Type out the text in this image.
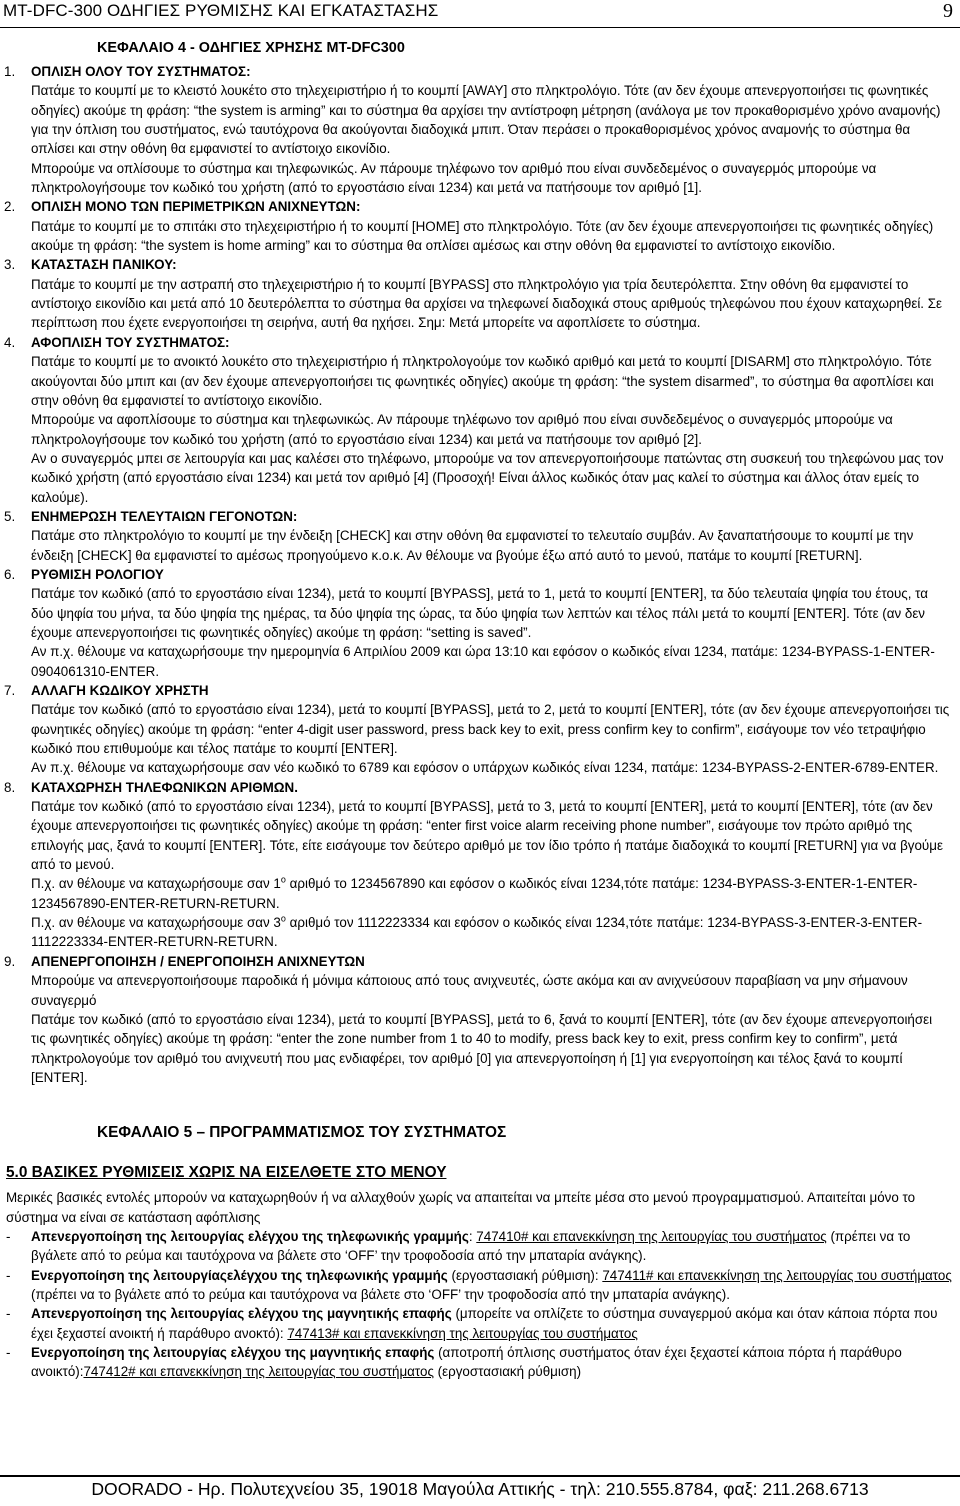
MT-DFC-300 ΟΔΗΓΙΕΣ ΡΥΘΜΙΣΗΣ ΚΑΙ ΕΓΚΑΤΑΣΤΑΣΗΣ	9
ΚΕΦΑΛΑΙΟ 4 - ΟΔΗΓΙΕΣ ΧΡΗΣΗΣ MT-DFC300
1. ΟΠΛΙΣΗ ΟΛΟΥ ΤΟΥ ΣΥΣΤΗΜΑΤΟΣ:
Πατάμε το κουμπί με το κλειστό λουκέτο στο τηλεχειριστήριο ή το κουμπί [AWAY] στο πληκτρολόγιο. Τότε (αν δεν έχουμε απενεργοποιήσει τις φωνητικές οδηγίες) ακούμε τη φράση: “the system is arming” και το σύστημα θα αρχίσει την αντίστροφη μέτρηση (ανάλογα με τον προκαθορισμένο χρόνο αναμονής) για την όπλιση του συστήματος, ενώ ταυτόχρονα θα ακούγονται διαδοχικά μπιπ. Όταν περάσει ο προκαθορισμένος χρόνος αναμονής το σύστημα θα οπλίσει και στην οθόνη θα εμφανιστεί το αντίστοιχο εικονίδιο.
Μπορούμε να οπλίσουμε το σύστημα και τηλεφωνικώς. Αν πάρουμε τηλέφωνο τον αριθμό που είναι συνδεδεμένος ο συναγερμός μπορούμε να πληκτρολογήσουμε τον κωδικό του χρήστη (από το εργοστάσιο είναι 1234) και μετά να πατήσουμε τον αριθμό [1].
2. ΟΠΛΙΣΗ ΜΟΝΟ ΤΩΝ ΠΕΡΙΜΕΤΡΙΚΩΝ ΑΝΙΧΝΕΥΤΩΝ:
Πατάμε το κουμπί με το σπιτάκι στο τηλεχειριστήριο ή το κουμπί [HOME] στο πληκτρολόγιο. Τότε (αν δεν έχουμε απενεργοποιήσει τις φωνητικές οδηγίες) ακούμε τη φράση: “the system is home arming” και το σύστημα θα οπλίσει αμέσως και στην οθόνη θα εμφανιστεί το αντίστοιχο εικονίδιο.
3. ΚΑΤΑΣΤΑΣΗ ΠΑΝΙΚΟΥ:
Πατάμε το κουμπί με την αστραπή στο τηλεχειριστήριο ή το κουμπί [BYPASS] στο πληκτρολόγιο για τρία δευτερόλεπτα. Στην οθόνη θα εμφανιστεί το αντίστοιχο εικονίδιο και μετά από 10 δευτερόλεπτα το σύστημα θα αρχίσει να τηλεφωνεί διαδοχικά στους αριθμούς τηλεφώνου που έχουν καταχωρηθεί. Σε περίπτωση που έχετε ενεργοποιήσει τη σειρήνα, αυτή θα ηχήσει. Σημ: Μετά μπορείτε να αφοπλίσετε το σύστημα.
4. ΑΦΟΠΛΙΣΗ ΤΟΥ ΣΥΣΤΗΜΑΤΟΣ:
Πατάμε το κουμπί με το ανοικτό λουκέτο στο τηλεχειριστήριο ή πληκτρολογούμε τον κωδικό αριθμό και μετά το κουμπί [DISARM] στο πληκτρολόγιο. Τότε ακούγονται δύο μπιπ και (αν δεν έχουμε απενεργοποιήσει τις φωνητικές οδηγίες) ακούμε τη φράση: “the system disarmed”, το σύστημα θα αφοπλίσει και στην οθόνη θα εμφανιστεί το αντίστοιχο εικονίδιο.
Μπορούμε να αφοπλίσουμε το σύστημα και τηλεφωνικώς. Αν πάρουμε τηλέφωνο τον αριθμό που είναι συνδεδεμένος ο συναγερμός μπορούμε να πληκτρολογήσουμε τον κωδικό του χρήστη (από το εργοστάσιο είναι 1234) και μετά να πατήσουμε τον αριθμό [2].
Αν ο συναγερμός μπει σε λειτουργία και μας καλέσει στο τηλέφωνο, μπορούμε να τον απενεργοποιήσουμε πατώντας στη συσκευή του τηλεφώνου μας τον κωδικό χρήστη (από εργοστάσιο είναι 1234) και μετά τον αριθμό [4] (Προσοχή! Είναι άλλος κωδικός όταν μας καλεί το σύστημα και άλλος όταν εμείς το καλούμε).
5. ΕΝΗΜΕΡΩΣΗ ΤΕΛΕΥΤΑΙΩΝ ΓΕΓΟΝΟΤΩΝ:
Πατάμε στο πληκτρολόγιο το κουμπί με την ένδειξη [CHECK] και στην οθόνη θα εμφανιστεί το τελευταίο συμβάν. Αν ξαναπατήσουμε το κουμπί με την ένδειξη [CHECK] θα εμφανιστεί το αμέσως προηγούμενο κ.ο.κ. Αν θέλουμε να βγούμε έξω από αυτό το μενού, πατάμε το κουμπί [RETURN].
6. ΡΥΘΜΙΣΗ ΡΟΛΟΓΙΟΥ
Πατάμε τον κωδικό (από το εργοστάσιο είναι 1234), μετά το κουμπί [BYPASS], μετά το 1, μετά το κουμπί [ENTER], τα δύο τελευταία ψηφία του έτους, τα δύο ψηφία του μήνα, τα δύο ψηφία της ημέρας, τα δύο ψηφία της ώρας, τα δύο ψηφία των λεπτών και τέλος πάλι μετά το κουμπί [ENTER]. Τότε (αν δεν έχουμε απενεργοποιήσει τις φωνητικές οδηγίες) ακούμε τη φράση: “setting is saved”.
Αν π.χ. θέλουμε να καταχωρήσουμε την ημερομηνία 6 Απριλίου 2009 και ώρα 13:10 και εφόσον ο κωδικός είναι 1234, πατάμε: 1234-BYPASS-1-ENTER-0904061310-ENTER.
7. ΑΛΛΑΓΗ ΚΩΔΙΚΟΥ ΧΡΗΣΤΗ
Πατάμε τον κωδικό (από το εργοστάσιο είναι 1234), μετά το κουμπί [BYPASS], μετά το 2, μετά το κουμπί [ENTER], τότε (αν δεν έχουμε απενεργοποιήσει τις φωνητικές οδηγίες) ακούμε τη φράση: “enter 4-digit user password, press back key to exit, press confirm key to confirm”, εισάγουμε τον νέο τετραψήφιο κωδικό που επιθυμούμε και τέλος πατάμε το κουμπί [ENTER].
Αν π.χ. θέλουμε να καταχωρήσουμε σαν νέο κωδικό το 6789 και εφόσον ο υπάρχων κωδικός είναι 1234, πατάμε: 1234-BYPASS-2-ENTER-6789-ENTER.
8. ΚΑΤΑΧΩΡΗΣΗ ΤΗΛΕΦΩΝΙΚΩΝ ΑΡΙΘΜΩΝ.
Πατάμε τον κωδικό (από το εργοστάσιο είναι 1234), μετά το κουμπί [BYPASS], μετά το 3, μετά το κουμπί [ENTER], μετά το κουμπί [ENTER], τότε (αν δεν έχουμε απενεργοποιήσει τις φωνητικές οδηγίες) ακούμε τη φράση: “enter first voice alarm receiving phone number”, εισάγουμε τον πρώτο αριθμό της επιλογής μας, ξανά το κουμπί [ENTER]. Τότε, είτε εισάγουμε τον δεύτερο αριθμό με τον ίδιο τρόπο ή πατάμε διαδοχικά το κουμπί [RETURN] για να βγούμε από το μενού.
Π.χ. αν θέλουμε να καταχωρήσουμε σαν $1^o$ αριθμό το 1234567890 και εφόσον ο κωδικός είναι 1234,τότε πατάμε: 1234-BYPASS-3-ENTER-1-ENTER-1234567890-ENTER-RETURN-RETURN.
Π.χ. αν θέλουμε να καταχωρήσουμε σαν $3^o$ αριθμό τον 1112223334 και εφόσον ο κωδικός είναι 1234,τότε πατάμε: 1234-BYPASS-3-ENTER-3-ENTER-1112223334-ENTER-RETURN-RETURN.
9. ΑΠΕΝΕΡΓΟΠΟΙΗΣΗ / ΕΝΕΡΓΟΠΟΙΗΣΗ ΑΝΙΧΝΕΥΤΩΝ
Μπορούμε να απενεργοποιήσουμε παροδικά ή μόνιμα κάποιους από τους ανιχνευτές, ώστε ακόμα και αν ανιχνεύσουν παραβίαση να μην σήμανουν συναγερμό
Πατάμε τον κωδικό (από το εργοστάσιο είναι 1234), μετά το κουμπί [BYPASS], μετά το 6, ξανά το κουμπί [ENTER], τότε (αν δεν έχουμε απενεργοποιήσει τις φωνητικές οδηγίες) ακούμε τη φράση: “enter the zone number from 1 to 40 to modify, press back key to exit, press confirm key to confirm”, μετά πληκτρολογούμε τον αριθμό του ανιχνευτή που μας ενδιαφέρει, τον αριθμό [0] για απενεργοποίηση ή [1] για ενεργοποίηση και τέλος ξανά το κουμπί [ENTER].
ΚΕΦΑΛΑΙΟ 5 – ΠΡΟΓΡΑΜΜΑΤΙΣΜΟΣ ΤΟΥ ΣΥΣΤΗΜΑΤΟΣ
5.0 ΒΑΣΙΚΕΣ ΡΥΘΜΙΣΕΙΣ ΧΩΡΙΣ ΝΑ ΕΙΣΕΛΘΕΤΕ ΣΤΟ ΜΕΝΟΥ
Μερικές βασικές εντολές μπορούν να καταχωρηθούν ή να αλλαχθούν χωρίς να απαιτείται να μπείτε μέσα στο μενού προγραμματισμού. Απαιτείται μόνο το σύστημα να είναι σε κατάσταση αφόπλισης
- Απενεργοποίηση της λειτουργίας ελέγχου της τηλεφωνικής γραμμής: 747410# και επανεκκίνηση της λειτουργίας του συστήματος (πρέπει να το βγάλετε από το ρεύμα και ταυτόχρονα να βάλετε στο ‘OFF’ την τροφοδοσία από την μπαταρία ανάγκης).
- Ενεργοποίηση της λειτουργίαςελέγχου της τηλεφωνικής γραμμής (εργοστασιακή ρύθμιση): 747411# και επανεκκίνηση της λειτουργίας του συστήματος (πρέπει να το βγάλετε από το ρεύμα και ταυτόχρονα να βάλετε στο ‘OFF’ την τροφοδοσία από την μπαταρία ανάγκης).
- Απενεργοποίηση της λειτουργίας ελέγχου της μαγνητικής επαφής (μπορείτε να οπλίζετε το σύστημα συναγερμού ακόμα και όταν κάποια πόρτα που έχει ξεχαστεί ανοικτή ή παράθυρο ανοκτό): 747413# και επανεκκίνηση της λειτουργίας του συστήματος
- Ενεργοποίηση της λειτουργίας ελέγχου της μαγνητικής επαφής (αποτροπή όπλισης συστήματος όταν έχει ξεχαστεί κάποια πόρτα ή παράθυρο ανοικτό):747412# και επανεκκίνηση της λειτουργίας του συστήματος (εργοστασιακή ρύθμιση)
DOORADO - Ηρ. Πολυτεχνείου 35, 19018 Μαγούλα Αττικής - τηλ: 210.555.8784, φαξ: 211.268.6713
